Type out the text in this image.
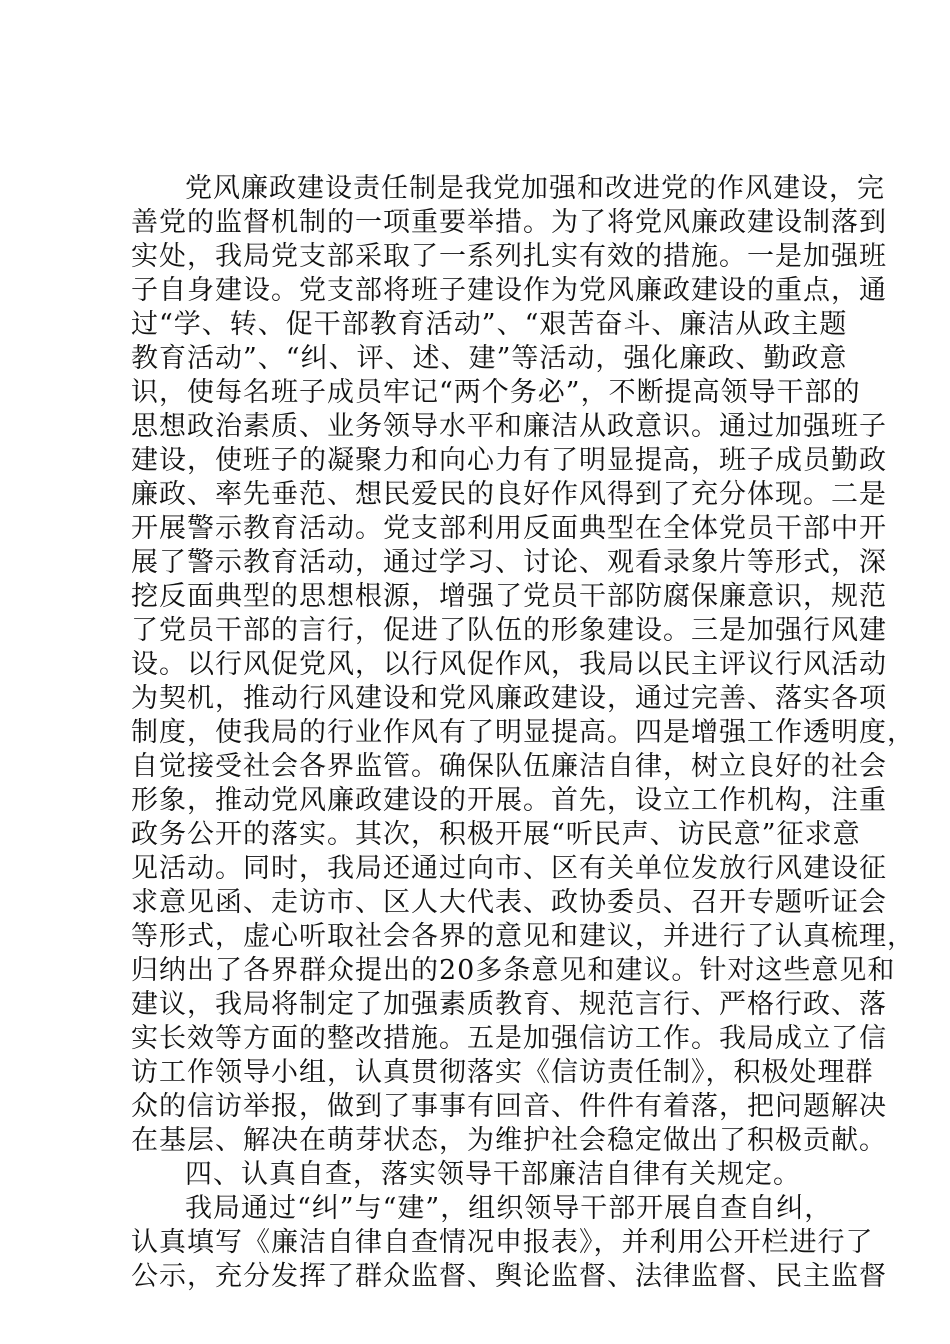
党风廉政建设责任制是我党加强和改进党的作风建设，完
善党的监督机制的一项重要举措。为了将党风廉政建设制落到
实处，我局党支部采取了一系列扎实有效的措施。一是加强班
子自身建设。党支部将班子建设作为党风廉政建设的重点，通
过“学、转、促干部教育活动”、“艰苦奋斗、廉洁从政主题
教育活动”、“纠、评、述、建”等活动，强化廉政、勤政意
识，使每名班子成员牢记“两个务必”，不断提高领导干部的
思想政治素质、业务领导水平和廉洁从政意识。通过加强班子
建设，使班子的凝聚力和向心力有了明显提高，班子成员勤政
廉政、率先垂范、想民爱民的良好作风得到了充分体现。二是
开展警示教育活动。党支部利用反面典型在全体党员干部中开
展了警示教育活动，通过学习、讨论、观看录象片等形式，深
挖反面典型的思想根源，增强了党员干部防腐保廉意识，规范
了党员干部的言行，促进了队伍的形象建设。三是加强行风建
设。以行风促党风，以行风促作风，我局以民主评议行风活动
为契机，推动行风建设和党风廉政建设，通过完善、落实各项
制度，使我局的行业作风有了明显提高。四是增强工作透明度，
自觉接受社会各界监管。确保队伍廉洁自律，树立良好的社会
形象，推动党风廉政建设的开展。首先，设立工作机构，注重
政务公开的落实。其次，积极开展“听民声、访民意”征求意
见活动。同时，我局还通过向市、区有关单位发放行风建设征
求意见函、走访市、区人大代表、政协委员、召开专题听证会
等形式，虚心听取社会各界的意见和建议，并进行了认真梳理，
归纳出了各界群众提出的20多条意见和建议。针对这些意见和
建议，我局将制定了加强素质教育、规范言行、严格行政、落
实长效等方面的整改措施。五是加强信访工作。我局成立了信
访工作领导小组，认真贯彻落实《信访责任制》，积极处理群
众的信访举报，做到了事事有回音、件件有着落，把问题解决
在基层、解决在萌芽状态，为维护社会稳定做出了积极贡献。
四、认真自查，落实领导干部廉洁自律有关规定。
我局通过“纠”与“建”，组织领导干部开展自查自纠，
认真填写《廉洁自律自查情况申报表》，并利用公开栏进行了
公示，充分发挥了群众监督、舆论监督、法律监督、民主监督
